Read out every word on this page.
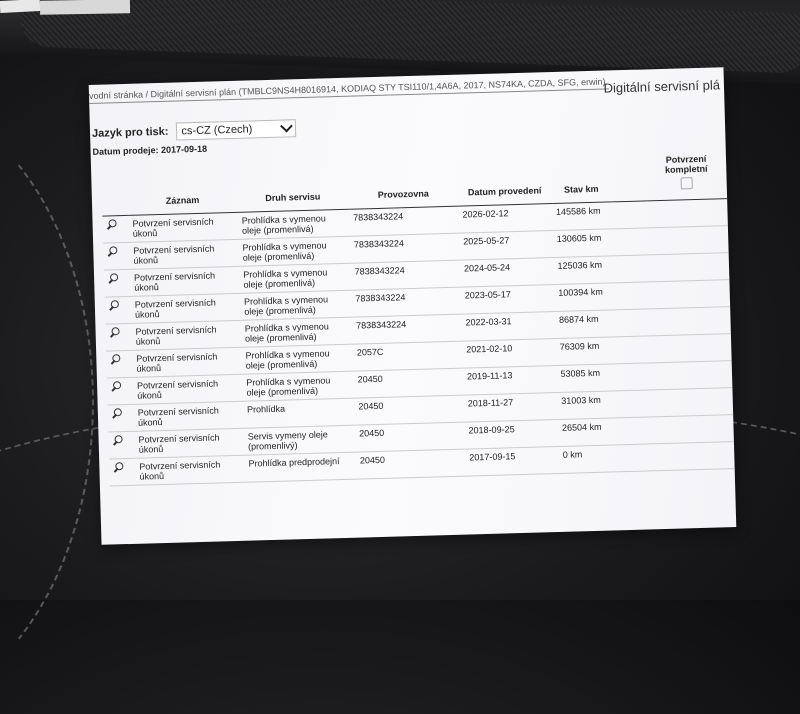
vodní stránka / Digitální servisní plán (TMBLC9NS4H8016914, KODIAQ STY TSI110/1,4A6A, 2017, NS74KA, CZDA, SFG, erwin)
Digitální servisní plá
Jazyk pro tisk: cs-CZ (Czech)
Datum prodeje: 2017-09-18
	Záznam	Druh servisu	Provozovna	Datum provedení	Stav km		Potvrzení kompletní

	Potvrzení servisních úkonů	Prohlídka s vymenou oleje (promenlivá)	7838343224	2026-02-12	145586 km		
	Potvrzení servisních úkonů	Prohlídka s vymenou oleje (promenlivá)	7838343224	2025-05-27	130605 km		
	Potvrzení servisních úkonů	Prohlídka s vymenou oleje (promenlivá)	7838343224	2024-05-24	125036 km		
	Potvrzení servisních úkonů	Prohlídka s vymenou oleje (promenlivá)	7838343224	2023-05-17	100394 km		
	Potvrzení servisních úkonů	Prohlídka s vymenou oleje (promenlivá)	7838343224	2022-03-31	86874 km		
	Potvrzení servisních úkonů	Prohlídka s vymenou oleje (promenlivá)	2057C	2021-02-10	76309 km		
	Potvrzení servisních úkonů	Prohlídka s vymenou oleje (promenlivá)	20450	2019-11-13	53085 km		
	Potvrzení servisních úkonů	Prohlídka	20450	2018-11-27	31003 km		
	Potvrzení servisních úkonů	Servis vymeny oleje (promenlivý)	20450	2018-09-25	26504 km		
	Potvrzení servisních úkonů	Prohlídka predprodejní	20450	2017-09-15	0 km		
